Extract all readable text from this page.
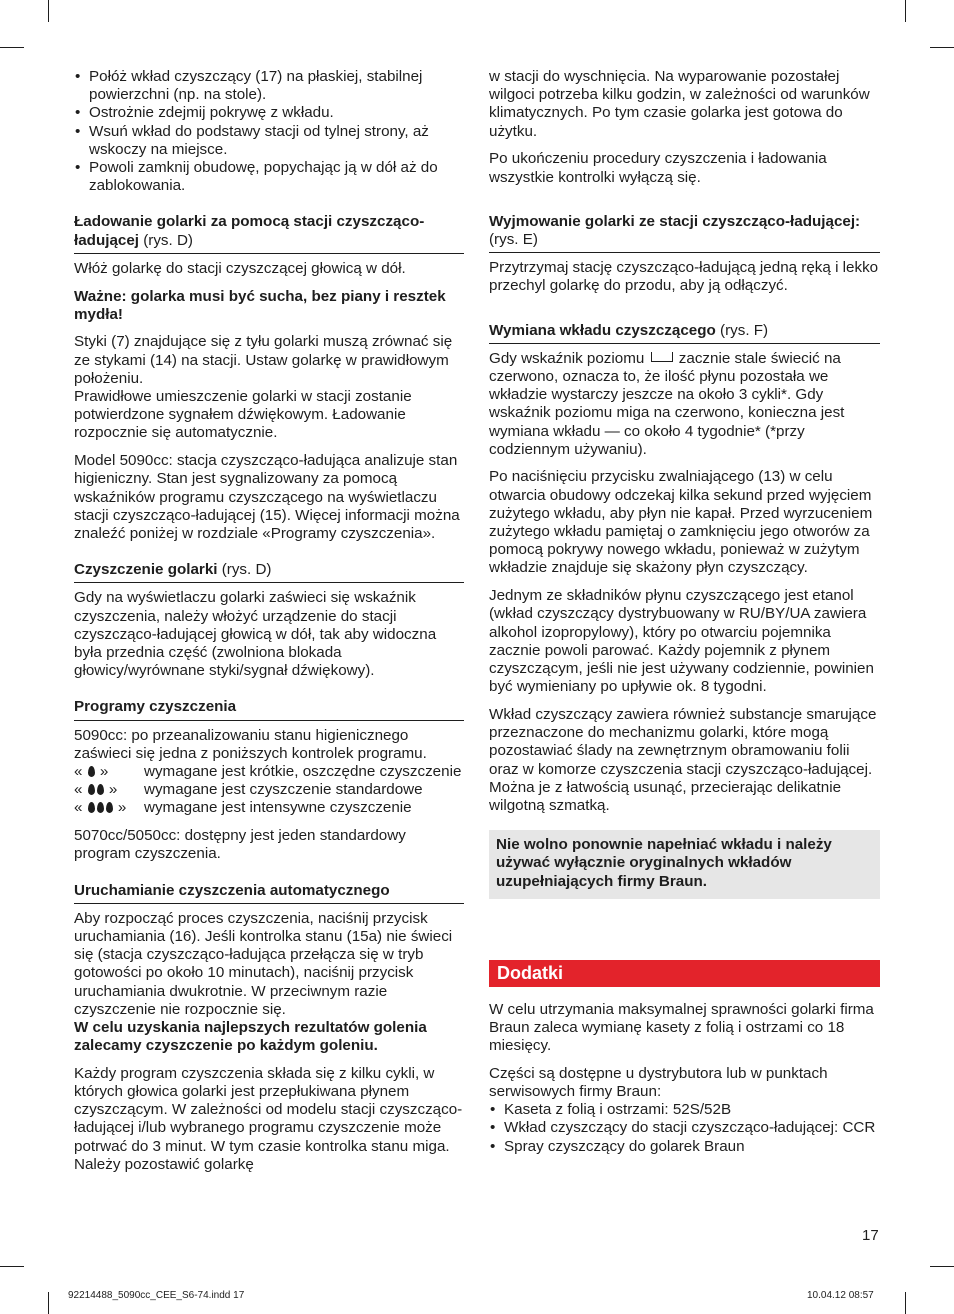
• Połóż wkład czyszczący (17) na płaskiej, stabilnej powierzchni (np. na stole).
• Ostrożnie zdejmij pokrywę z wkładu.
• Wsuń wkład do podstawy stacji od tylnej strony, aż wskoczy na miejsce.
• Powoli zamknij obudowę, popychając ją w dół aż do zablokowania.
Ładowanie golarki za pomocą stacji czyszcząco-ładującej (rys. D)

Włóż golarkę do stacji czyszczącej głowicą w dół.

Ważne: golarka musi być sucha, bez piany i resztek mydła!

Styki (7) znajdujące się z tyłu golarki muszą zrównać się ze stykami (14) na stacji. Ustaw golarkę w prawidłowym położeniu.
Prawidłowe umieszczenie golarki w stacji zostanie potwierdzone sygnałem dźwiękowym. Ładowanie rozpocznie się automatycznie.

Model 5090cc: stacja czyszcząco-ładująca analizuje stan higieniczny. Stan jest sygnalizowany za pomocą wskaźników programu czyszczącego na wyświetlaczu stacji czyszcząco-ładującej (15). Więcej informacji można znaleźć poniżej w rozdziale «Programy czyszczenia».

Czyszczenie golarki (rys. D)

Gdy na wyświetlaczu golarki zaświeci się wskaźnik czyszczenia, należy włożyć urządzenie do stacji czyszcząco-ładującej głowicą w dół, tak aby widoczna była przednia część (zwolniona blokada głowicy/wyrównane styki/sygnał dźwiękowy).

Programy czyszczenia
5090cc: po przeanalizowaniu stanu higienicznego zaświeci się jedna z poniższych kontrolek programu.
« »	wymagane jest krótkie, oszczędne czyszczenie
« »	wymagane jest czyszczenie standardowe
« »	wymagane jest intensywne czyszczenie

5070cc/5050cc: dostępny jest jeden standardowy program czyszczenia.

Uruchamianie czyszczenia automatycznego

Aby rozpocząć proces czyszczenia, naciśnij przycisk uruchamiania (16). Jeśli kontrolka stanu (15a) nie świeci się (stacja czyszcząco-ładująca przełącza się w tryb gotowości po około 10 minutach), naciśnij przycisk uruchamiania dwukrotnie. W przeciwnym razie czyszczenie nie rozpocznie się.
W celu uzyskania najlepszych rezultatów golenia zalecamy czyszczenie po każdym goleniu.

Każdy program czyszczenia składa się z kilku cykli, w których głowica golarki jest przepłukiwana płynem czyszczącym. W zależności od modelu stacji czyszcząco-ładującej i/lub wybranego programu czyszczenie może potrwać do 3 minut. W tym czasie kontrolka stanu miga. Należy pozostawić golarkę

w stacji do wyschnięcia. Na wyparowanie pozostałej wilgoci potrzeba kilku godzin, w zależności od warunków klimatycznych. Po tym czasie golarka jest gotowa do użytku.

Po ukończeniu procedury czyszczenia i ładowania wszystkie kontrolki wyłączą się.

Wyjmowanie golarki ze stacji czyszcząco-ładującej: (rys. E)

Przytrzymaj stację czyszcząco-ładującą jedną ręką i lekko przechyl golarkę do przodu, aby ją odłączyć.

Wymiana wkładu czyszczącego (rys. F)

Gdy wskaźnik poziomu zacznie stale świecić na czerwono, oznacza to, że ilość płynu pozostała we wkładzie wystarczy jeszcze na około 3 cykli*. Gdy wskaźnik poziomu miga na czerwono, konieczna jest wymiana wkładu — co około 4 tygodnie* (*przy codziennym używaniu).

Po naciśnięciu przycisku zwalniającego (13) w celu otwarcia obudowy odczekaj kilka sekund przed wyjęciem zużytego wkładu, aby płyn nie kapał. Przed wyrzuceniem zużytego wkładu pamiętaj o zamknięciu jego otworów za pomocą pokrywy nowego wkładu, ponieważ w zużytym wkładzie znajduje się skażony płyn czyszczący.

Jednym ze składników płynu czyszczącego jest etanol (wkład czyszczący dystrybuowany w RU/BY/UA zawiera alkohol izopropylowy), który po otwarciu pojemnika zacznie powoli parować. Każdy pojemnik z płynem czyszczącym, jeśli nie jest używany codziennie, powinien być wymieniany po upływie ok. 8 tygodni.

Wkład czyszczący zawiera również substancje smarujące przeznaczone do mechanizmu golarki, które mogą pozostawiać ślady na zewnętrznym obramowaniu folii oraz w komorze czyszczenia stacji czyszcząco-ładującej. Można je z łatwością usunąć, przecierając delikatnie wilgotną szmatką.

Nie wolno ponownie napełniać wkładu i należy używać wyłącznie oryginalnych wkładów uzupełniających firmy Braun.
Dodatki

W celu utrzymania maksymalnej sprawności golarki firma Braun zaleca wymianę kasety z folią i ostrzami co 18 miesięcy.

Części są dostępne u dystrybutora lub w punktach serwisowych firmy Braun:
• Kaseta z folią i ostrzami: 52S/52B
• Wkład czyszczący do stacji czyszcząco-ładującej: CCR
• Spray czyszczący do golarek Braun
17
92214488_5090cc_CEE_S6-74.indd 17	10.04.12 08:57
